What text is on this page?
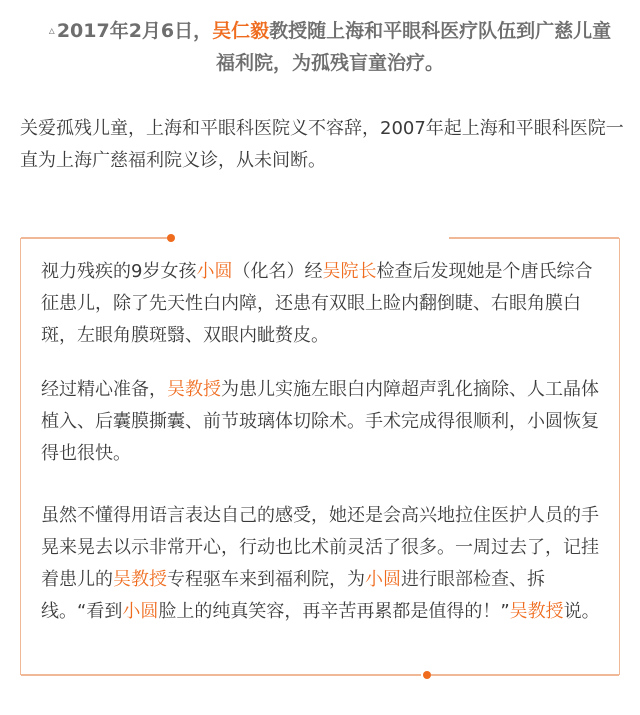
▵ 2017年2月6日，吴仁毅教授随上海和平眼科医疗队伍到广慈儿童福利院，为孤残盲童治疗。
关爱孤残儿童，上海和平眼科医院义不容辞，2007年起上海和平眼科医院一直为上海广慈福利院义诊，从未间断。
视力残疾的9岁女孩小圆（化名）经吴院长检查后发现她是个唐氏综合征患儿，除了先天性白内障，还患有双眼上睑内翻倒睫、右眼角膜白斑，左眼角膜斑翳、双眼内眦赘皮。
经过精心准备，吴教授为患儿实施左眼白内障超声乳化摘除、人工晶体植入、后囊膜撕囊、前节玻璃体切除术。手术完成得很顺利，小圆恢复得也很快。
虽然不懂得用语言表达自己的感受，她还是会高兴地拉住医护人员的手晃来晃去以示非常开心，行动也比术前灵活了很多。一周过去了，记挂着患儿的吴教授专程驱车来到福利院，为小圆进行眼部检查、拆线。“看到小圆脸上的纯真笑容，再辛苦再累都是值得的！”吴教授说。
